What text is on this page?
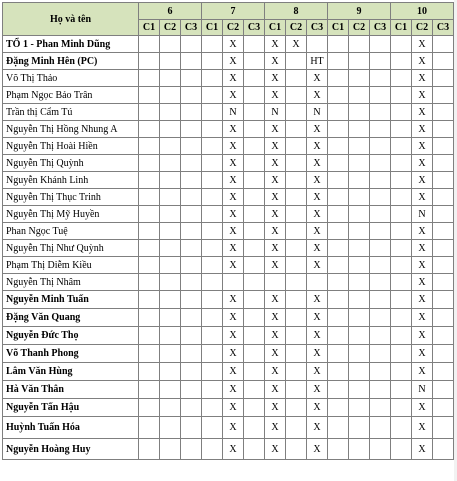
Họ và tên	6			7			8			9			10		
	C1	C2	C3	C1	C2	C3	C1	C2	C3	C1	C2	C3	C1	C2	C3
TỔ 1 - Phan Minh Dũng					X		X	X						X	
Đặng Minh Hên (PC)					X		X		HT					X	
Võ Thị Thảo					X		X		X					X	
Phạm Ngọc Bảo Trân					X		X		X					X	
Trần thị Cẩm Tú					N		N		N					X	
Nguyễn Thị Hồng Nhung A					X		X		X					X	
Nguyễn Thị Hoài Hiền					X		X		X					X	
Nguyễn Thị Quỳnh					X		X		X					X	
Nguyễn Khánh Linh					X		X		X					X	
Nguyễn Thị Thục Trinh					X		X		X					X	
Nguyễn Thị Mỹ Huyền					X		X		X					N	
Phan Ngọc Tuệ					X		X		X					X	
Nguyễn Thị Như Quỳnh					X		X		X					X	
Phạm Thị Diễm Kiều					X		X		X					X	
Nguyễn Thị Nhâm														X	
Nguyễn Minh Tuấn					X		X		X					X	
Đặng Văn Quang					X		X		X					X	
Nguyễn Đức Thọ					X		X		X					X	
Võ Thanh Phong					X		X		X					X	
Lâm Văn Hùng					X		X		X					X	
Hà Văn Thân					X		X		X					N	
Nguyễn Tấn Hậu					X		X		X					X	
Huỳnh Tuấn Hóa					X		X		X					X	
Nguyễn Hoàng Huy					X		X		X					X	
